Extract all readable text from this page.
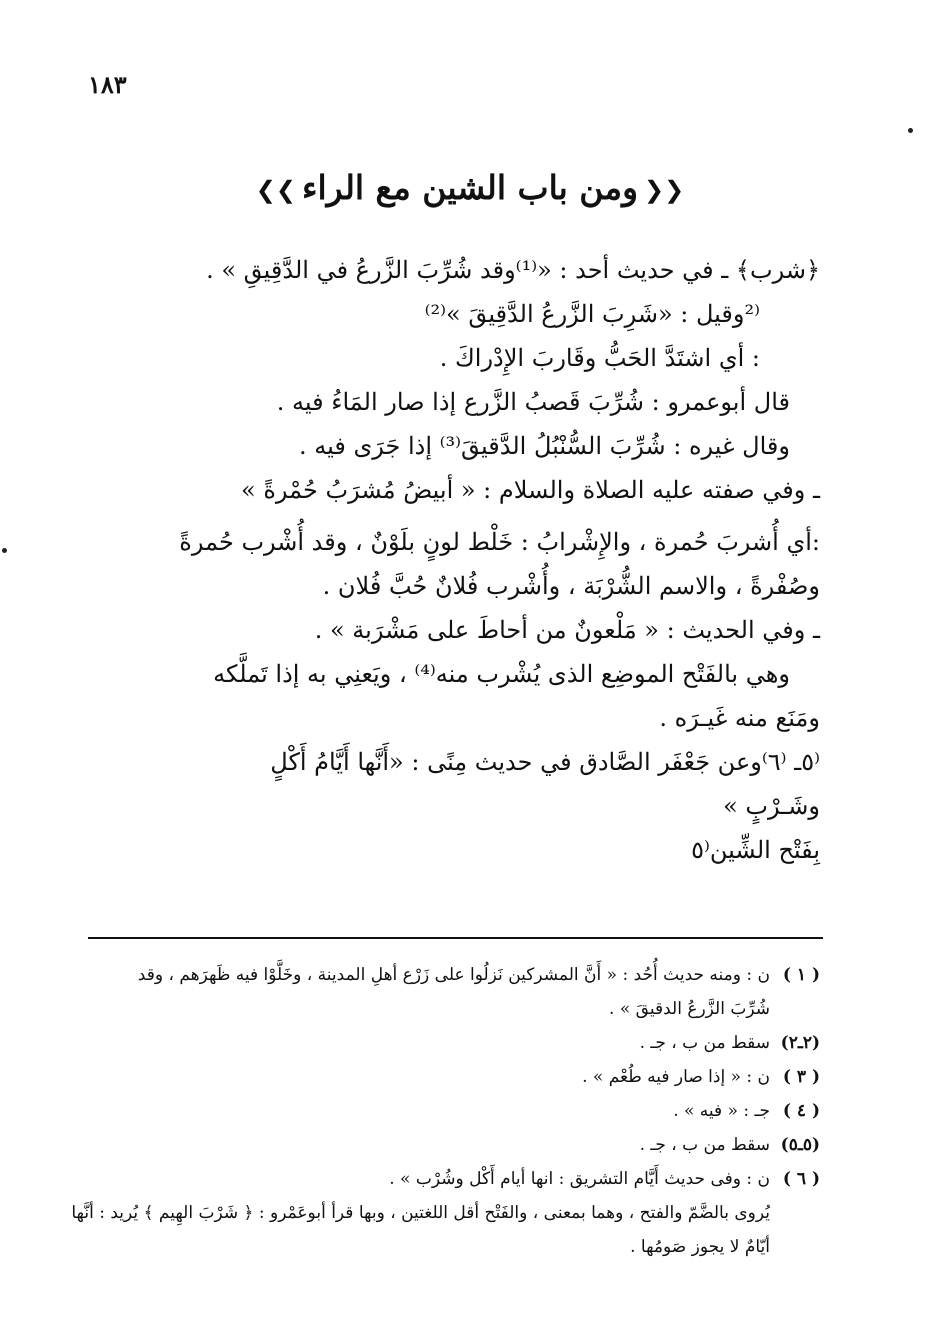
١٨٣
❮❮ومن باب الشين مع الراء❯❯
﴿شرب﴾ ـ في حديث أحد : «⁽¹⁾وقد شُرِّبَ الزَّرعُ في الدَّقِيقِ » .
⁽²وقيل : «شَرِبَ الزَّرعُ الدَّقِيقَ »⁽²⁾
: أي اشتَدَّ الحَبُّ وقَاربَ الإِدْراكَ .
قال أبوعمرو : شُرِّبَ قَصبُ الزَّرع إذا صار المَاءُ فيه .
وقال غيره : شُرِّبَ السُّنْبُلُ الدَّقيقَ⁽³⁾ إذا جَرَى فيه .
ـ وفي صفته عليه الصلاة والسلام : « أبيضُ مُشرَبُ حُمْرةً »
:أي أُشربَ حُمرة ، والإِشْرابُ : خَلْط لونٍ بلَوْنٌ ، وقد أُشْرب حُمرةً
وصُفْرةً ، والاسم الشُّرْبَة ، وأُشْرب فُلانٌ حُبَّ فُلان .
ـ وفي الحديث : « مَلْعونٌ من أحاطَ على مَشْرَبة » .
وهي بالفَتْح الموضِع الذى يُشْرب منه⁽⁴⁾ ، ويَعنِي به إذا تَملَّكه
ومَنَع منه غَيـرَه .
⁽٥ـ ⁽٦⁾وعن جَعْفَر الصَّادق في حديث مِنًى : «أَنَّها أَيَّامُ أَكْلٍ
وشَـرْبٍ »
بِفَتْح الشِّين⁽٥
( ١ )
ن : ومنه حديث أُحُد : « أَنَّ المشركين نَزلُوا على زَرْع أهلِ المدينة ، وخَلَّوْا فيه ظَهرَهم ، وقد
شُرِّبَ الزَّرعُ الدقيقَ » .
(٢ـ٢)
سقط من ب ، جـ .
( ٣ )
ن : « إذا صار فيه طُعْم » .
( ٤ )
جـ : « فيه » .
(٥ـ٥)
سقط من ب ، جـ .
( ٦ )
ن : وفى حديث أَيَّام التشريق : انها أيام أَكْل وشُرْب » .
يُروى بالضَّمّ والفتح ، وهما بمعنى ، والفَتْح أقل اللغتين ، وبها قرأ أبوعَمْرو : ﴿ شَرْبَ الهِيم ﴾ يُريد : أنَّها أيّامٌ لا يجوز صَومُها .
